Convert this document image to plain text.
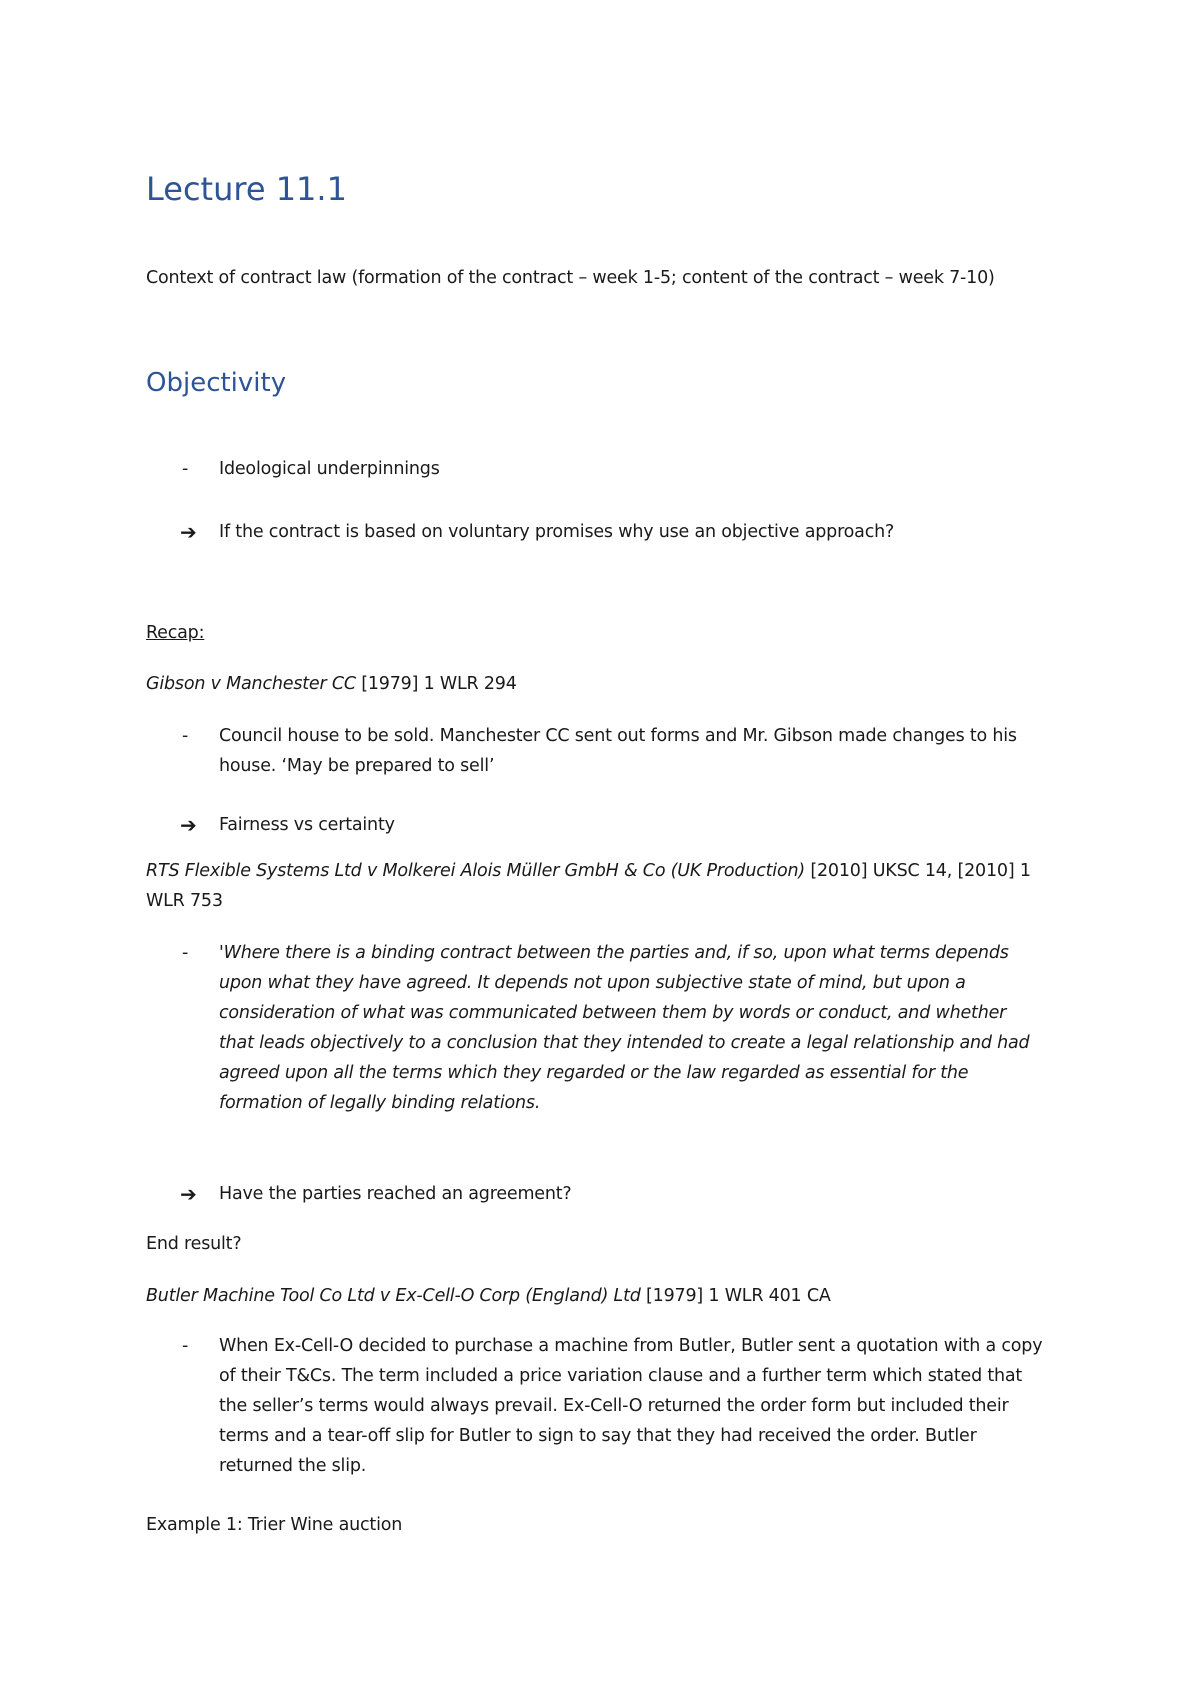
Lecture 11.1

Context of contract law (formation of the contract – week 1-5; content of the contract – week 7-10)

Objectivity
-	Ideological underpinnings
➔ If the contract is based on voluntary promises why use an objective approach?

Recap:

Gibson v Manchester CC [1979] 1 WLR 294

-	Council house to be sold. Manchester CC sent out forms and Mr. Gibson made changes to his house. ‘May be prepared to sell’
➔ Fairness vs certainty

RTS Flexible Systems Ltd v Molkerei Alois Müller GmbH & Co (UK Production) [2010] UKSC 14, [2010] 1 WLR 753

-	'Where there is a binding contract between the parties and, if so, upon what terms depends upon what they have agreed. It depends not upon subjective state of mind, but upon a consideration of what was communicated between them by words or conduct, and whether that leads objectively to a conclusion that they intended to create a legal relationship and had agreed upon all the terms which they regarded or the law regarded as essential for the formation of legally binding relations.
➔ Have the parties reached an agreement?

End result?

Butler Machine Tool Co Ltd v Ex-Cell-O Corp (England) Ltd [1979] 1 WLR 401 CA

-	When Ex-Cell-O decided to purchase a machine from Butler, Butler sent a quotation with a copy of their T&Cs. The term included a price variation clause and a further term which stated that the seller’s terms would always prevail. Ex-Cell-O returned the order form but included their terms and a tear-off slip for Butler to sign to say that they had received the order. Butler returned the slip.

Example 1: Trier Wine auction
